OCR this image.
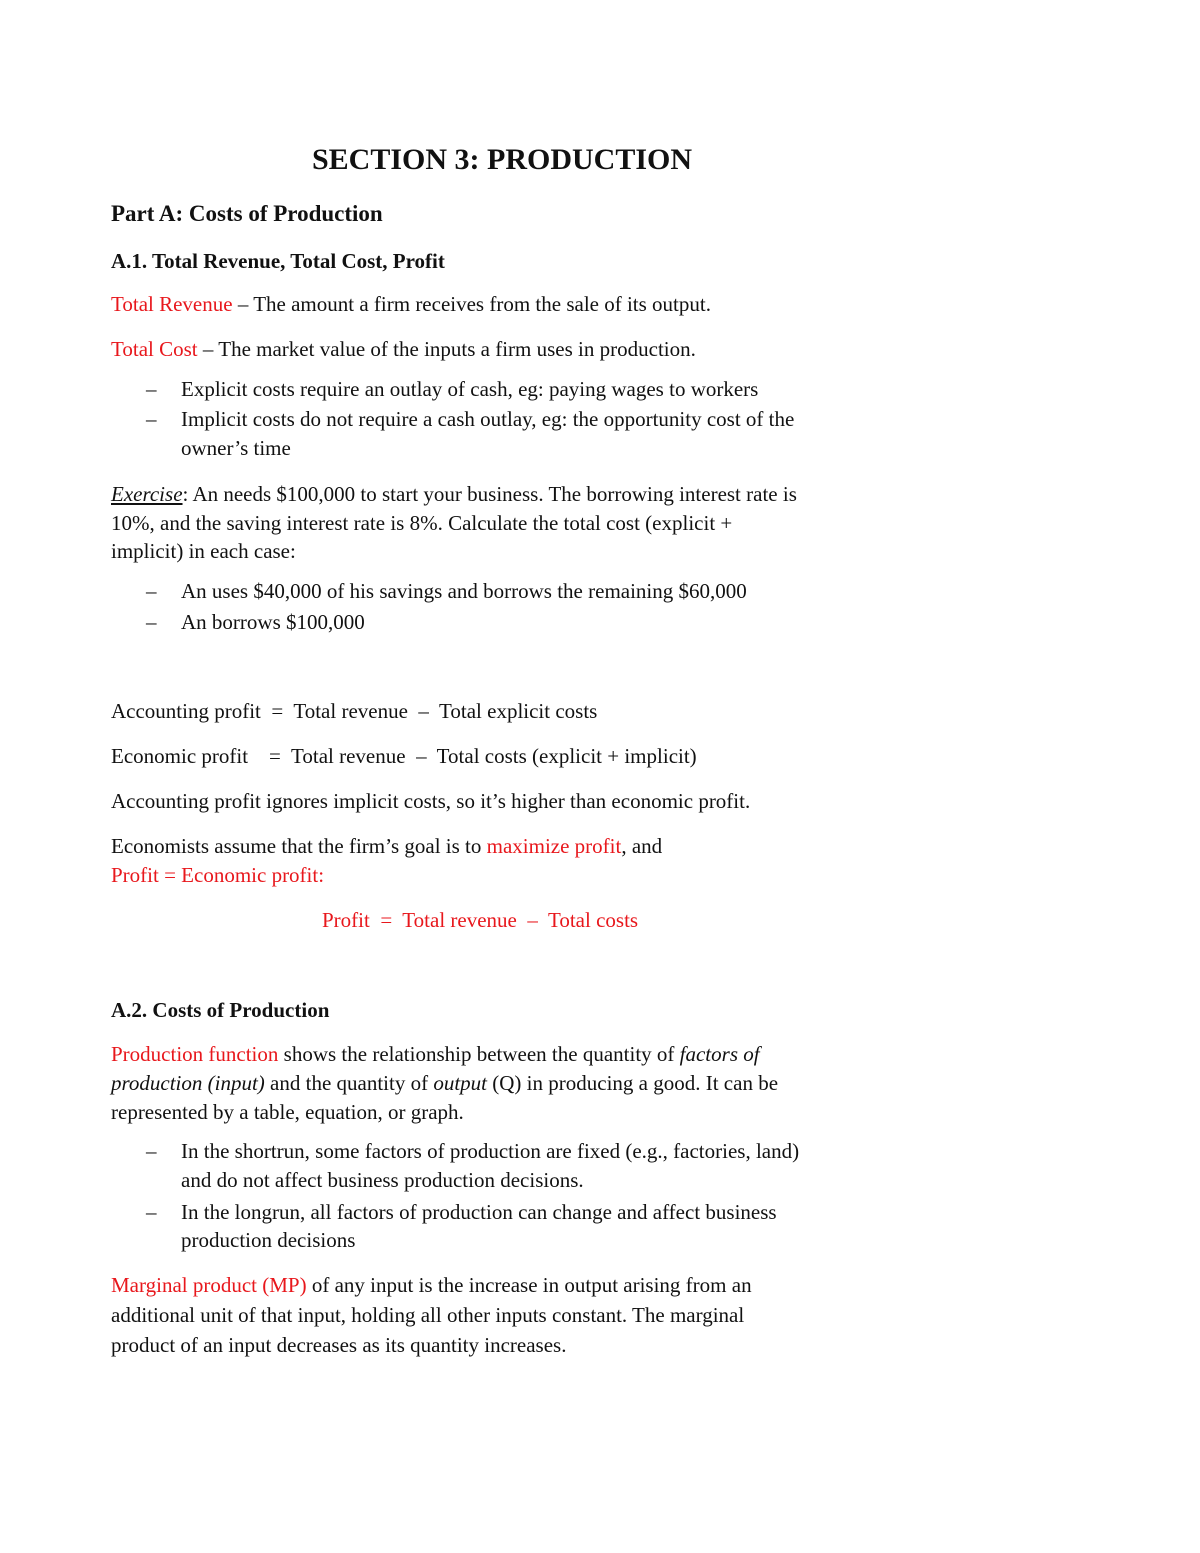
SECTION 3: PRODUCTION
Part A: Costs of Production
A.1. Total Revenue, Total Cost, Profit
Total Revenue – The amount a firm receives from the sale of its output.
Total Cost – The market value of the inputs a firm uses in production.
– Explicit costs require an outlay of cash, eg: paying wages to workers
– Implicit costs do not require a cash outlay, eg: the opportunity cost of the
owner’s time
Exercise: An needs $100,000 to start your business. The borrowing interest rate is
10%, and the saving interest rate is 8%. Calculate the total cost (explicit +
implicit) in each case:
– An uses $40,000 of his savings and borrows the remaining $60,000
– An borrows $100,000
Accounting profit  =  Total revenue  –  Total explicit costs
Economic profit    =  Total revenue  –  Total costs (explicit + implicit)
Accounting profit ignores implicit costs, so it’s higher than economic profit.
Economists assume that the firm’s goal is to maximize profit, and
Profit = Economic profit:
Profit  =  Total revenue  –  Total costs
A.2. Costs of Production
Production function shows the relationship between the quantity of factors of
production (input) and the quantity of output (Q) in producing a good. It can be
represented by a table, equation, or graph.
– In the shortrun, some factors of production are fixed (e.g., factories, land)
and do not affect business production decisions.
– In the longrun, all factors of production can change and affect business
production decisions
Marginal product (MP) of any input is the increase in output arising from an
additional unit of that input, holding all other inputs constant. The marginal
product of an input decreases as its quantity increases.
